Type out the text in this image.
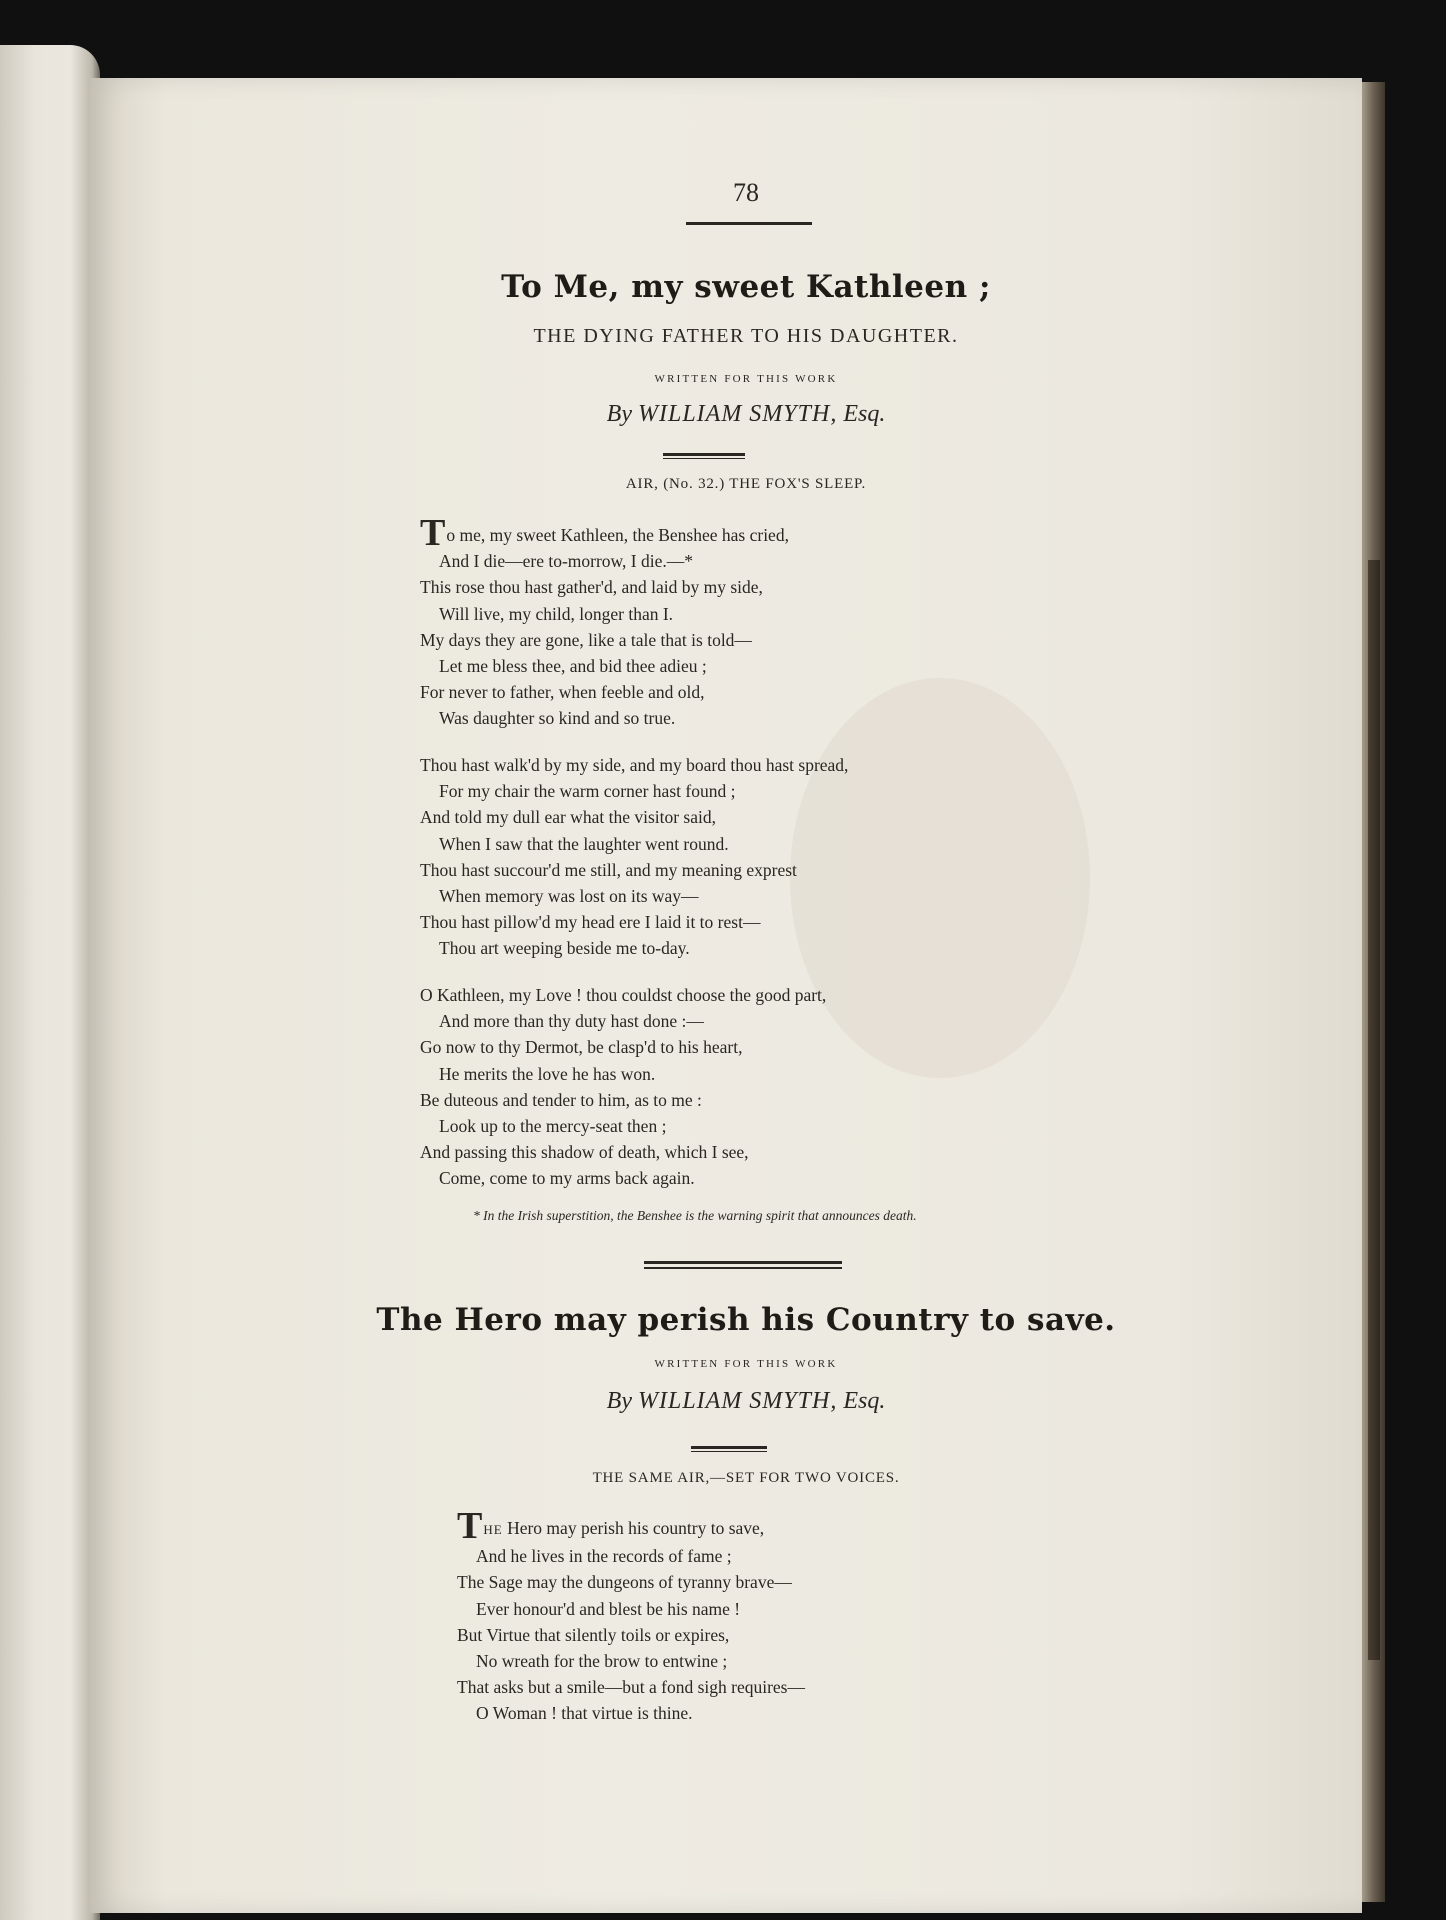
78
To Me, my sweet Kathleen ;
THE DYING FATHER TO HIS DAUGHTER.
WRITTEN FOR THIS WORK
By WILLIAM SMYTH, Esq.
AIR, (No. 32.) THE FOX'S SLEEP.
To me, my sweet Kathleen, the Benshee has cried,
And I die—ere to-morrow, I die.—*
This rose thou hast gather'd, and laid by my side,
Will live, my child, longer than I.
My days they are gone, like a tale that is told—
Let me bless thee, and bid thee adieu ;
For never to father, when feeble and old,
Was daughter so kind and so true.
Thou hast walk'd by my side, and my board thou hast spread,
For my chair the warm corner hast found ;
And told my dull ear what the visitor said,
When I saw that the laughter went round.
Thou hast succour'd me still, and my meaning exprest
When memory was lost on its way—
Thou hast pillow'd my head ere I laid it to rest—
Thou art weeping beside me to-day.
O Kathleen, my Love ! thou couldst choose the good part,
And more than thy duty hast done :—
Go now to thy Dermot, be clasp'd to his heart,
He merits the love he has won.
Be duteous and tender to him, as to me :
Look up to the mercy-seat then ;
And passing this shadow of death, which I see,
Come, come to my arms back again.
* In the Irish superstition, the Benshee is the warning spirit that announces death.
The Hero may perish his Country to save.
WRITTEN FOR THIS WORK
By WILLIAM SMYTH, Esq.
THE SAME AIR,—SET FOR TWO VOICES.
THE Hero may perish his country to save,
And he lives in the records of fame ;
The Sage may the dungeons of tyranny brave—
Ever honour'd and blest be his name !
But Virtue that silently toils or expires,
No wreath for the brow to entwine ;
That asks but a smile—but a fond sigh requires—
O Woman ! that virtue is thine.
